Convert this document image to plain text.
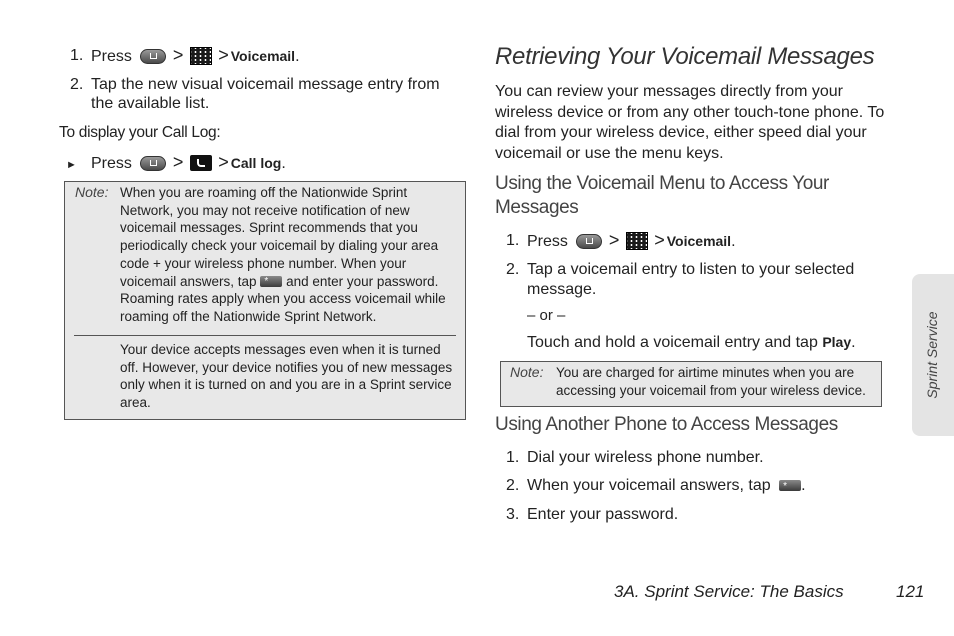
1. Press > > Voicemail.
2. Tap the new visual voicemail message entry from
the available list.
To display your Call Log:
► Press > > Call log.
Note: When you are roaming off the Nationwide Sprint
Network, you may not receive notification of new
voicemail messages. Sprint recommends that you
periodically check your voicemail by dialing your area
code + your wireless phone number. When your
voicemail answers, tap * and enter your password.
Roaming rates apply when you access voicemail while
roaming off the Nationwide Sprint Network.
Your device accepts messages even when it is turned
off. However, your device notifies you of new messages
only when it is turned on and you are in a Sprint service
area.
Retrieving Your Voicemail Messages
You can review your messages directly from your
wireless device or from any other touch-tone phone. To
dial from your wireless device, either speed dial your
voicemail or use the menu keys.
Using the Voicemail Menu to Access Your
Messages
1. Press > > Voicemail.
2. Tap a voicemail entry to listen to your selected
message.
– or –
Touch and hold a voicemail entry and tap Play.
Note: You are charged for airtime minutes when you are
accessing your voicemail from your wireless device.
Using Another Phone to Access Messages
1. Dial your wireless phone number.
2. When your voicemail answers, tap * .
3. Enter your password.
Sprint Service
3A. Sprint Service: The Basics	121
